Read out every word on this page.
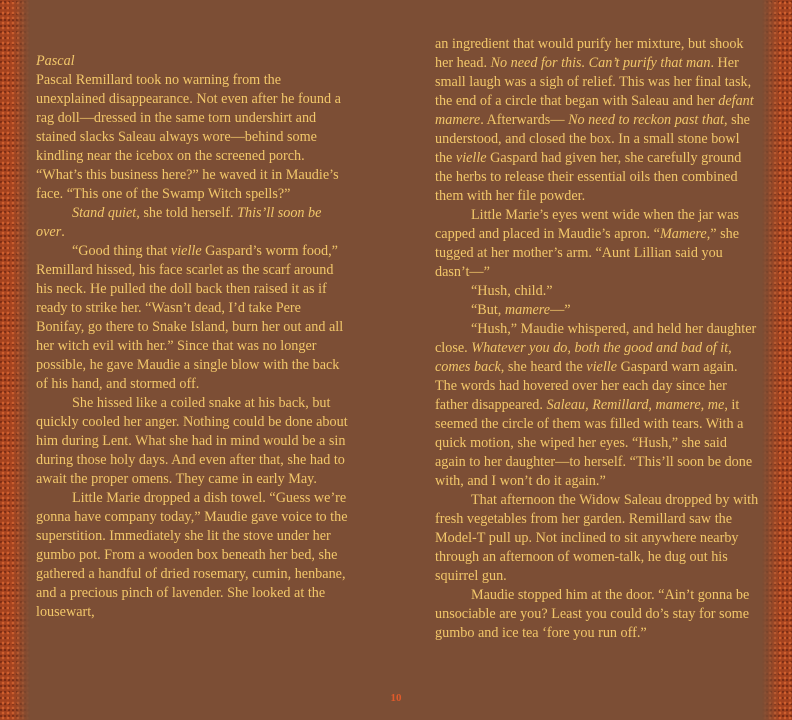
Pascal

Pascal Remillard took no warning from the unexplained disappearance. Not even after he found a rag doll—dressed in the same torn undershirt and stained slacks Saleau always wore—behind some kindling near the icebox on the screened porch. “What’s this business here?” he waved it in Maudie’s face. “This one of the Swamp Witch spells?”

Stand quiet, she told herself. This’ll soon be over.

“Good thing that vielle Gaspard’s worm food,” Remillard hissed, his face scarlet as the scarf around his neck. He pulled the doll back then raised it as if ready to strike her. “Wasn’t dead, I’d take Pere Bonifay, go there to Snake Island, burn her out and all her witch evil with her.” Since that was no longer possible, he gave Maudie a single blow with the back of his hand, and stormed off.

She hissed like a coiled snake at his back, but quickly cooled her anger. Nothing could be done about him during Lent. What she had in mind would be a sin during those holy days. And even after that, she had to await the proper omens. They came in early May.

Little Marie dropped a dish towel. “Guess we’re gonna have company today,” Maudie gave voice to the superstition. Immediately she lit the stove under her gumbo pot. From a wooden box beneath her bed, she gathered a handful of dried rosemary, cumin, henbane, and a precious pinch of lavender. She looked at the lousewart,

an ingredient that would purify her mixture, but shook her head. No need for this. Can’t purify that man. Her small laugh was a sigh of relief. This was her final task, the end of a circle that began with Saleau and her defant mamere. Afterwards— No need to reckon past that, she understood, and closed the box. In a small stone bowl the vielle Gaspard had given her, she carefully ground the herbs to release their essential oils then combined them with her file powder.

Little Marie’s eyes went wide when the jar was capped and placed in Maudie’s apron. “Mamere,” she tugged at her mother’s arm. “Aunt Lillian said you dasn’t—”

“Hush, child.”

“But, mamere—”

“Hush,” Maudie whispered, and held her daughter close. Whatever you do, both the good and bad of it, comes back, she heard the vielle Gaspard warn again. The words had hovered over her each day since her father disappeared. Saleau, Remillard, mamere, me, it seemed the circle of them was filled with tears. With a quick motion, she wiped her eyes. “Hush,” she said again to her daughter—to herself. “This’ll soon be done with, and I won’t do it again.”

That afternoon the Widow Saleau dropped by with fresh vegetables from her garden. Remillard saw the Model-T pull up. Not inclined to sit anywhere nearby through an afternoon of women-talk, he dug out his squirrel gun.

Maudie stopped him at the door. “Ain’t gonna be unsociable are you? Least you could do’s stay for some gumbo and ice tea ‘fore you run off.”

10
